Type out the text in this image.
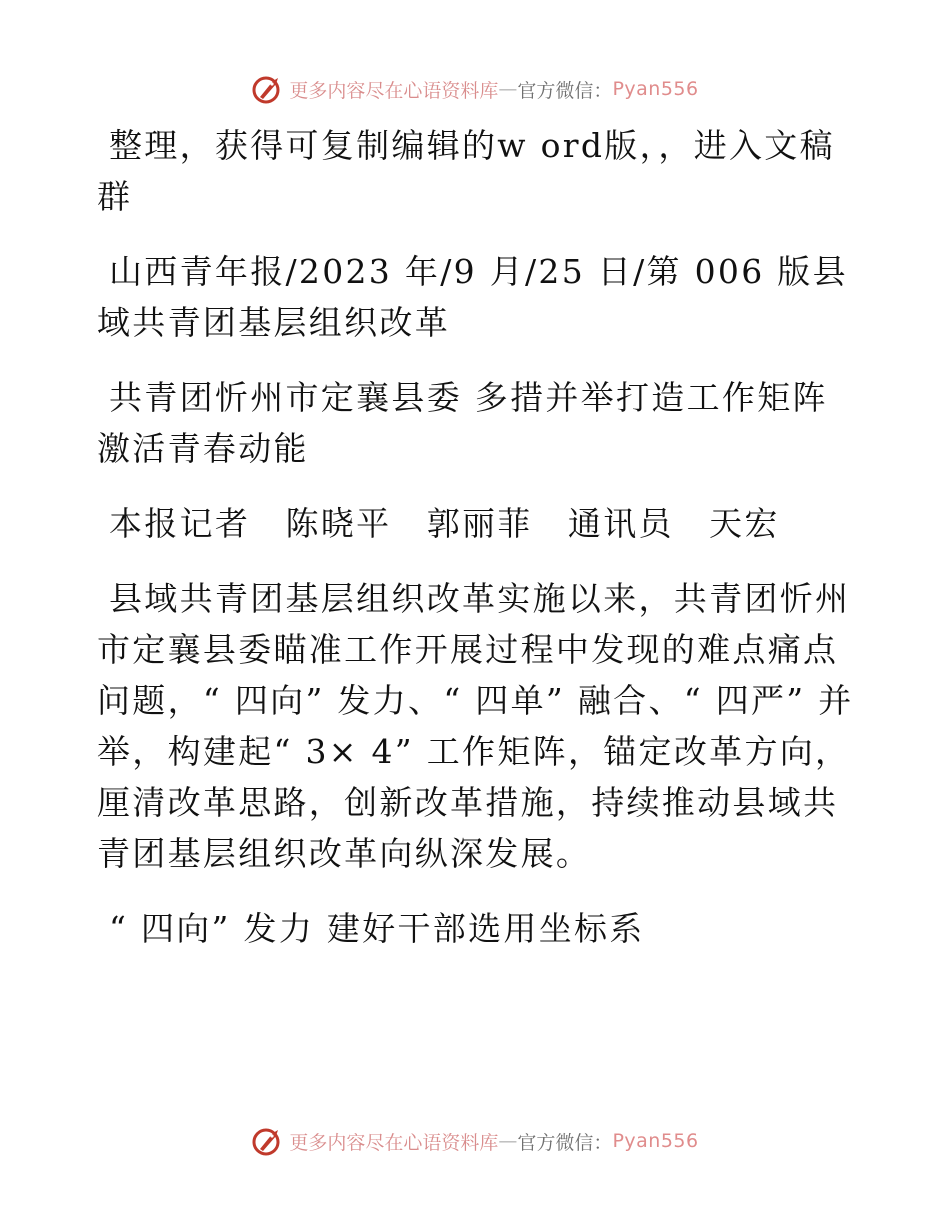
更多内容尽在心语资料库 — 官方微信： Pyan556

整理，获得可复制编辑的w ord版，，进入文稿群

山西青年报/2023 年/9 月/25 日/第 006 版县域共青团基层组织改革

共青团忻州市定襄县委 多措并举打造工作矩阵 激活青春动能

本报记者　陈晓平　郭丽菲　通讯员　天宏

县域共青团基层组织改革实施以来，共青团忻州市定襄县委瞄准工作开展过程中发现的难点痛点问题，“ 四向” 发力、“ 四单” 融合、“ 四严” 并举，构建起“ 3× 4” 工作矩阵，锚定改革方向，厘清改革思路，创新改革措施，持续推动县域共青团基层组织改革向纵深发展。

“ 四向” 发力 建好干部选用坐标系

更多内容尽在心语资料库 — 官方微信： Pyan556
